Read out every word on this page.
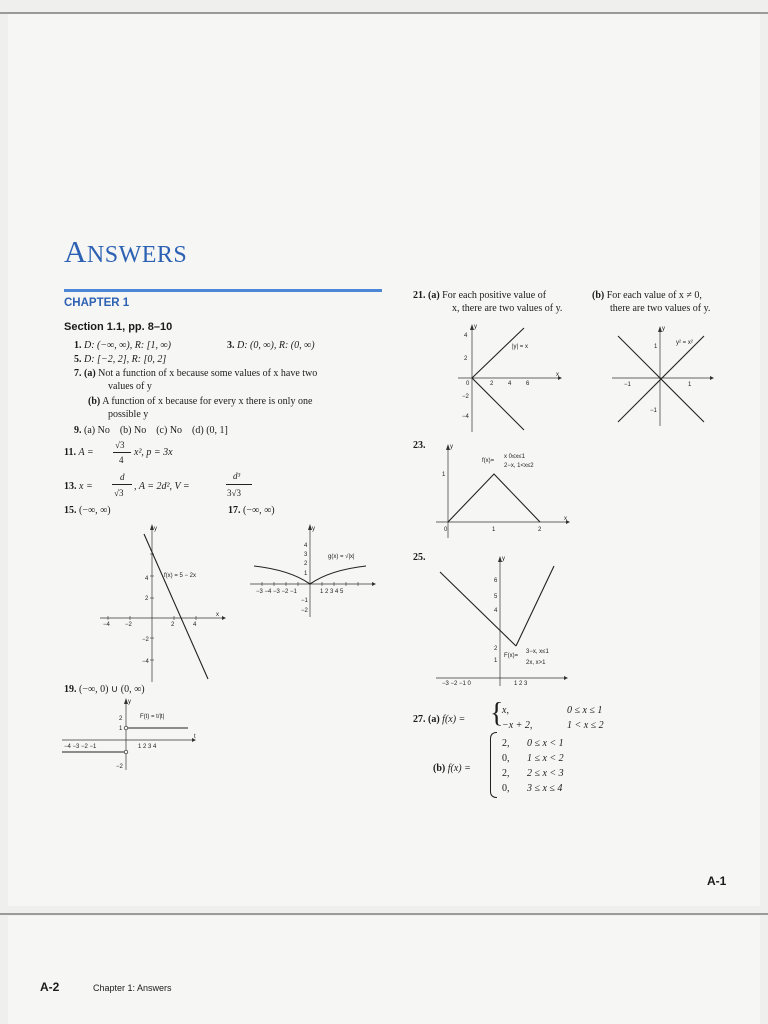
ANSWERS
CHAPTER 1
Section 1.1, pp. 8–10
1. D: (−∞, ∞), R: [1, ∞)	3. D: (0, ∞), R: (0, ∞)
5. D: [−2, 2], R: [0, 2]
7. (a) Not a function of x because some values of x have two
values of y
(b) A function of x because for every x there is only one
possible y
9. (a) No (b) No (c) No (d) (0, 1]
11. A =
√3
4
x², p = 3x
13. x =
d
√3
, A = 2d², V =
d³
3√3
15. (−∞, ∞)	17. (−∞, ∞)
19. (−∞, 0) ∪ (0, ∞)
−4	−2	2	4
4
2
−2
−4
y
x
f(x) = 5 − 2x
−3 −4 −3 −2 −1	1 2 3 4 5
4
3
2
1
−1
−2
y
g(x) = √|x|
−4 −3 −2 −1	1 2 3 4
2
1
−2
y
t
F(t) = t/|t|
21. (a) For each positive value of
x, there are two values of y.
(b) For each value of x ≠ 0,
there are two values of y.
0	2 4 6
4
2
−2
−4
y
x
|y| = x
−1	1
1
−1
y
y² = x²
23.
0	1	2
1
y
x
f(x)=
x 0≤x≤1
2−x, 1<x≤2
25.
−3 −2 −1 0	1 2 3
6
5
4
2
1
y
F(x)=
3−x, x≤1
2x, x>1
27. (a) f(x) = {
x,	0 ≤ x ≤ 1
−x + 2,	1 < x ≤ 2
(b) f(x) =
2, 0 ≤ x < 1
0, 1 ≤ x < 2
2, 2 ≤ x < 3
0, 3 ≤ x ≤ 4
A-1
A-2	Chapter 1: Answers
